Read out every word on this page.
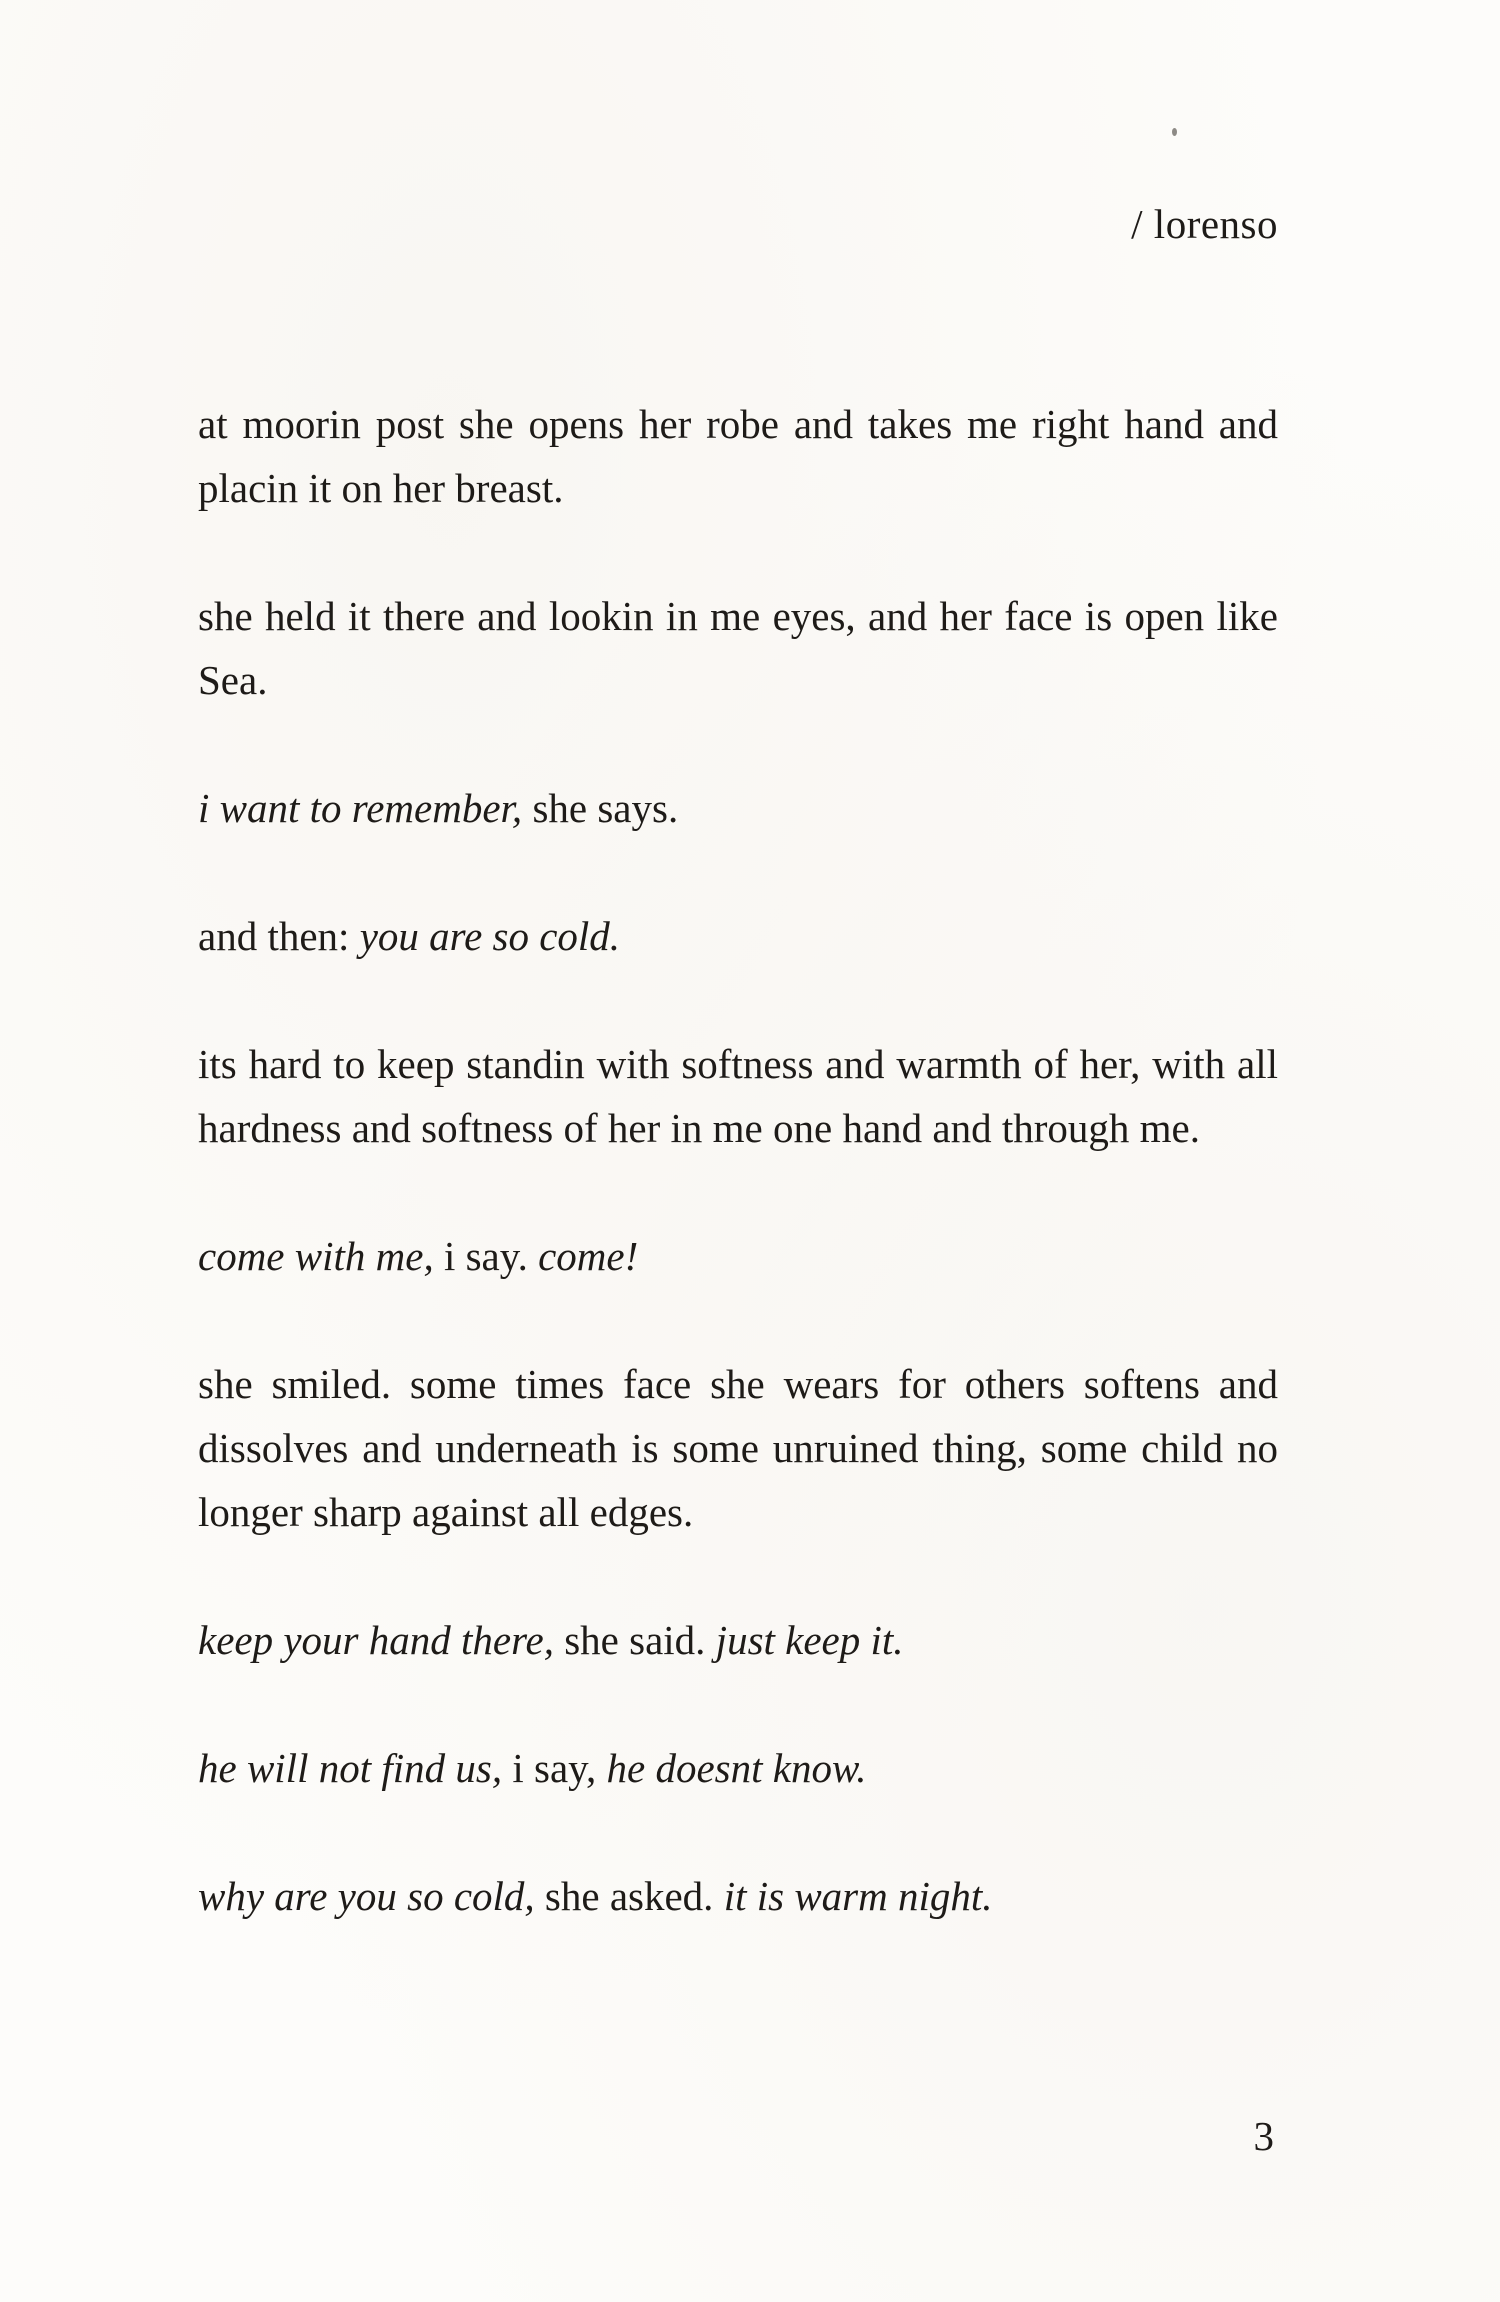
/ lorenso

at moorin post she opens her robe and takes me right hand and placin it on her breast.

she held it there and lookin in me eyes, and her face is open like Sea.

i want to remember, she says.

and then: you are so cold.

its hard to keep standin with softness and warmth of her, with all hardness and softness of her in me one hand and through me.

come with me, i say. come!

she smiled. some times face she wears for others softens and dissolves and underneath is some unruined thing, some child no longer sharp against all edges.

keep your hand there, she said. just keep it.

he will not find us, i say, he doesnt know.

why are you so cold, she asked. it is warm night.

3
